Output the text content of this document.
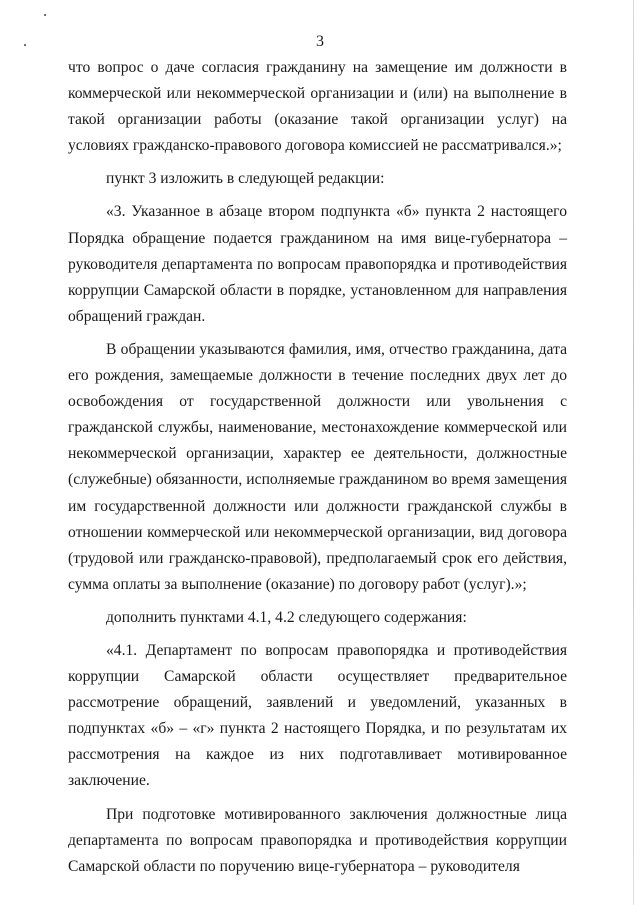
3

что вопрос о даче согласия гражданину на замещение им должности в коммерческой или некоммерческой организации и (или) на выполнение в такой организации работы (оказание такой организации услуг) на условиях гражданско-правового договора комиссией не рассматривался.»;

пункт 3 изложить в следующей редакции:

«3. Указанное в абзаце втором подпункта «б» пункта 2 настоящего Порядка обращение подается гражданином на имя вице-губернатора – руководителя департамента по вопросам правопорядка и противодействия коррупции Самарской области в порядке, установленном для направления обращений граждан.

В обращении указываются фамилия, имя, отчество гражданина, дата его рождения, замещаемые должности в течение последних двух лет до освобождения от государственной должности или увольнения с гражданской службы, наименование, местонахождение коммерческой или некоммерческой организации, характер ее деятельности, должностные (служебные) обязанности, исполняемые гражданином во время замещения им государственной должности или должности гражданской службы в отношении коммерческой или некоммерческой организации, вид договора (трудовой или гражданско-правовой), предполагаемый срок его действия, сумма оплаты за выполнение (оказание) по договору работ (услуг).»;

дополнить пунктами 4.1, 4.2 следующего содержания:

«4.1. Департамент по вопросам правопорядка и противодействия коррупции Самарской области осуществляет предварительное рассмотрение обращений, заявлений и уведомлений, указанных в подпунктах «б» – «г» пункта 2 настоящего Порядка, и по результатам их рассмотрения на каждое из них подготавливает мотивированное заключение.

При подготовке мотивированного заключения должностные лица департамента по вопросам правопорядка и противодействия коррупции Самарской области по поручению вице-губернатора – руководителя
